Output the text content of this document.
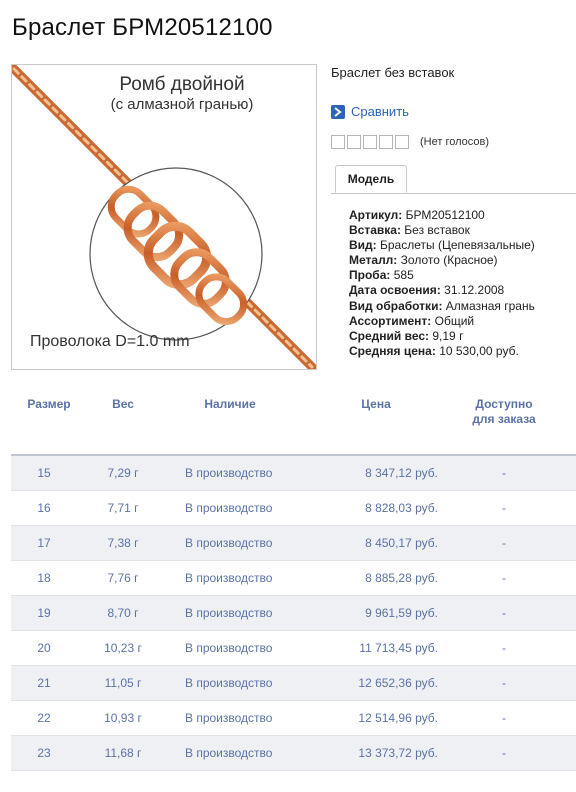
Браслет БРМ20512100
Ромб двойной
(с алмазной гранью)
Проволока D=1.0 mm
Браслет без вставок
Сравнить
(Нет голосов)
Модель
Артикул: БРМ20512100
Вставка: Без вставок
Вид: Браслеты (Цепевязальные)
Металл: Золото (Красное)
Проба: 585
Дата освоения: 31.12.2008
Вид обработки: Алмазная грань
Ассортимент: Общий
Средний вес: 9,19 г
Средняя цена: 10 530,00 руб.
Размер	Вес	Наличие	Цена	Доступно
для заказа
15	7,29 г	В производство	8 347,12 руб.	-
16	7,71 г	В производство	8 828,03 руб.	-
17	7,38 г	В производство	8 450,17 руб.	-
18	7,76 г	В производство	8 885,28 руб.	-
19	8,70 г	В производство	9 961,59 руб.	-
20	10,23 г	В производство	11 713,45 руб.	-
21	11,05 г	В производство	12 652,36 руб.	-
22	10,93 г	В производство	12 514,96 руб.	-
23	11,68 г	В производство	13 373,72 руб.	-
